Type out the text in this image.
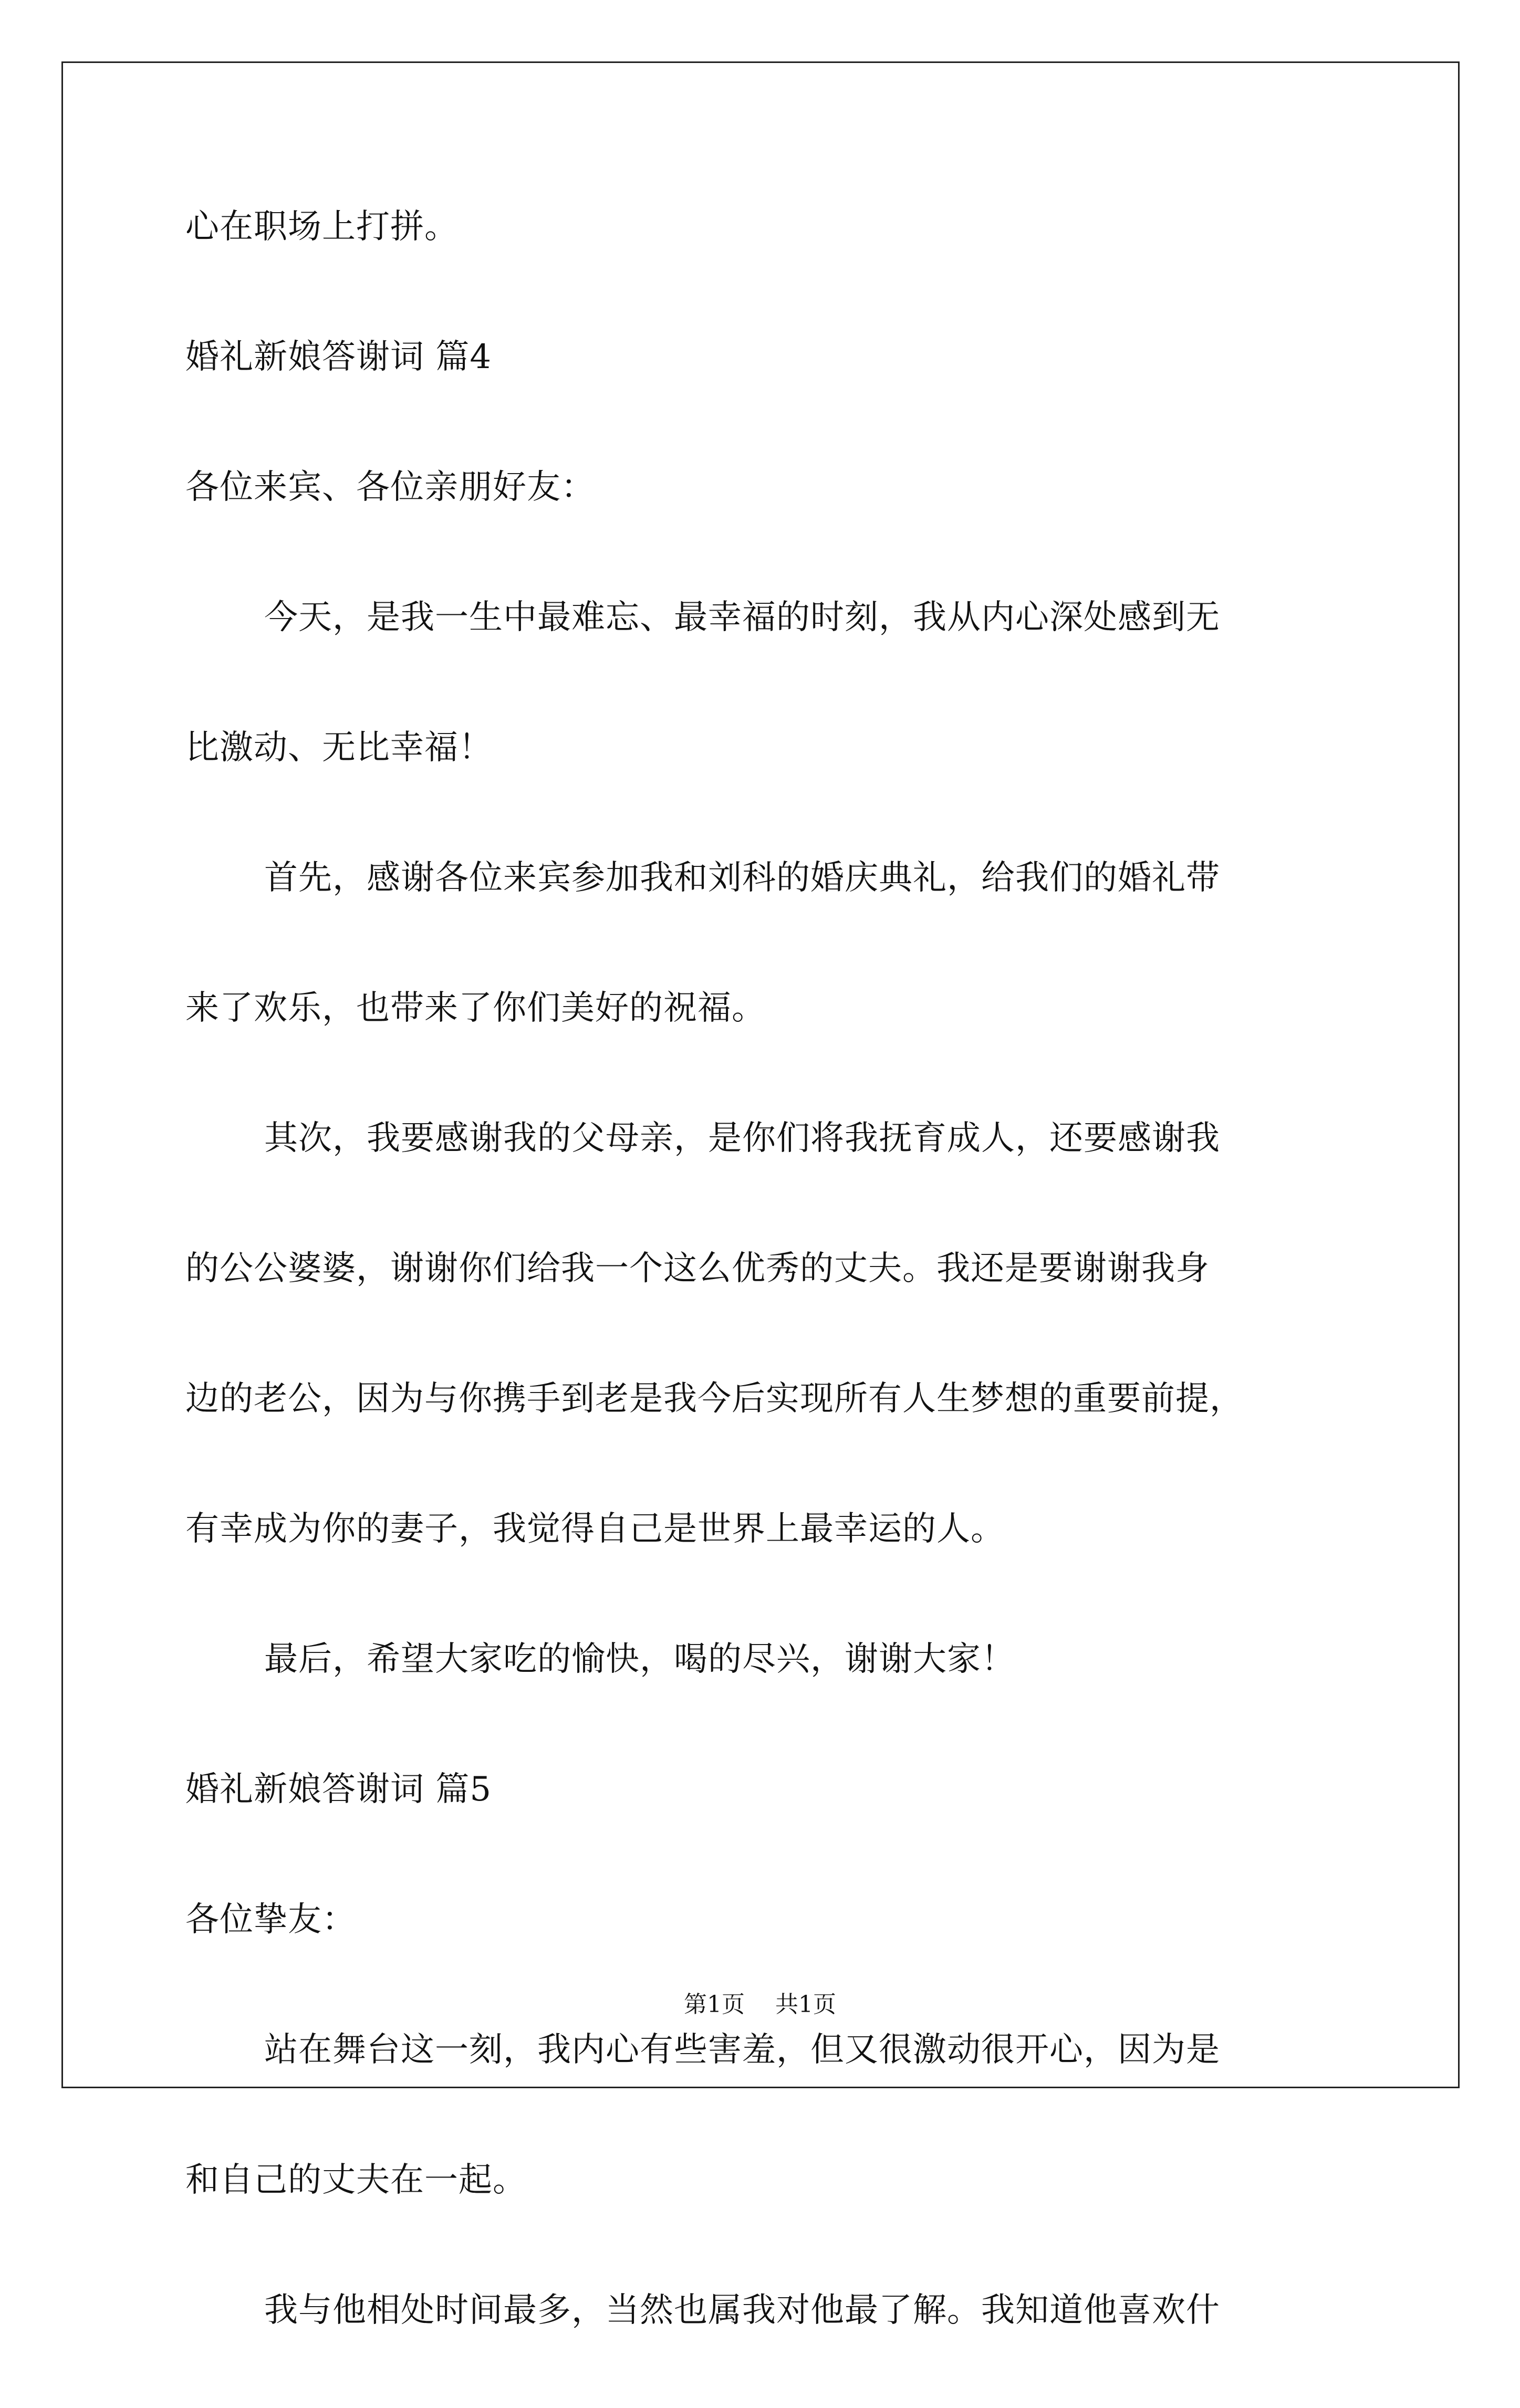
心在职场上打拼。
婚礼新娘答谢词 篇4
各位来宾、各位亲朋好友：
今天，是我一生中最难忘、最幸福的时刻，我从内心深处感到无
比激动、无比幸福！
首先，感谢各位来宾参加我和刘科的婚庆典礼，给我们的婚礼带
来了欢乐，也带来了你们美好的祝福。
其次，我要感谢我的父母亲，是你们将我抚育成人，还要感谢我
的公公婆婆，谢谢你们给我一个这么优秀的丈夫。我还是要谢谢我身
边的老公，因为与你携手到老是我今后实现所有人生梦想的重要前提，
有幸成为你的妻子，我觉得自己是世界上最幸运的人。
最后，希望大家吃的愉快，喝的尽兴，谢谢大家！
婚礼新娘答谢词 篇5
各位挚友：
站在舞台这一刻，我内心有些害羞，但又很激动很开心，因为是
和自己的丈夫在一起。
我与他相处时间最多，当然也属我对他最了解。我知道他喜欢什
第1页 共1页
